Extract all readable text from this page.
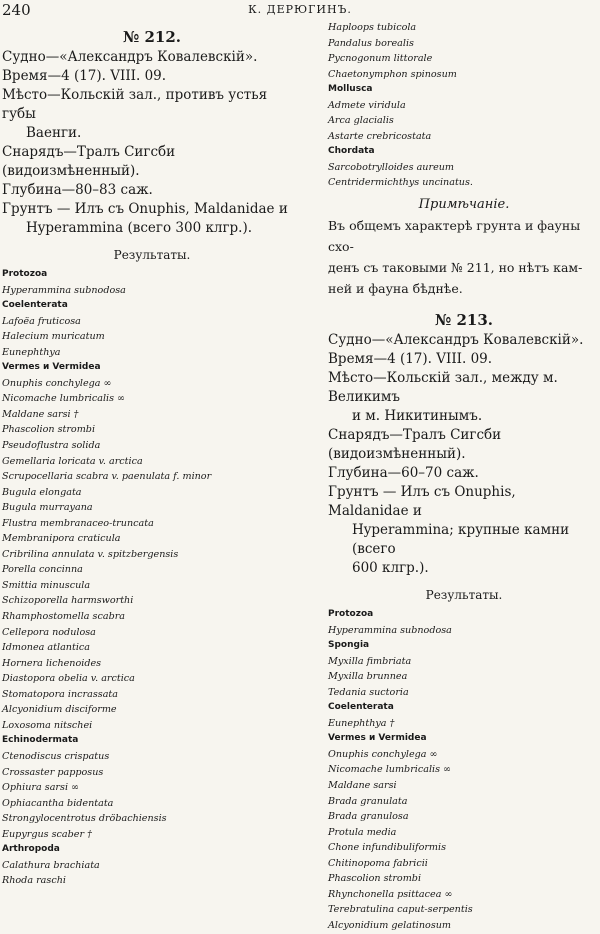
240	К. ДЕРЮГИНЪ.
№ 212.
Судно—«Александръ Ковалевскій».
Время—4 (17). VIII. 09.
Мѣсто—Кольскій зал., противъ устья губы
Ваенги.
Снарядъ—Тралъ Сигсби (видоизмѣненный).
Глубина—80–83 саж.
Грунтъ — Илъ съ Onuphis, Maldanidae и
Hyperammina (всего 300 клгр.).
Результаты.
Protozoa
Hyperammina subnodosa
Coelenterata
Lafoëa fruticosa
Halecium muricatum
Eunephthya
Vermes и Vermidea
Onuphis conchylega ∞
Nicomache lumbricalis ∞
Maldane sarsi †
Phascolion strombi
Pseudoflustra solida
Gemellaria loricata v. arctica
Scrupocellaria scabra v. paenulata f. minor
Bugula elongata
Bugula murrayana
Flustra membranaceo-truncata
Membranipora craticula
Cribrilina annulata v. spitzbergensis
Porella concinna
Smittia minuscula
Schizoporella harmsworthi
Rhamphostomella scabra
Cellepora nodulosa
Idmonea atlantica
Hornera lichenoides
Diastopora obelia v. arctica
Stomatopora incrassata
Alcyonidium disciforme
Loxosoma nitschei
Echinodermata
Ctenodiscus crispatus
Crossaster papposus
Ophiura sarsi ∞
Ophiacantha bidentata
Strongylocentrotus dröbachiensis
Eupyrgus scaber †
Arthropoda
Calathura brachiata
Rhoda raschi
Haploops tubicola
Pandalus borealis
Pycnogonum littorale
Chaetonymphon spinosum
Mollusca
Admete viridula
Arca glacialis
Astarte crebricostata
Chordata
Sarcobotrylloides aureum
Centridermichthys uncinatus.
Примѣчаніе.
Въ общемъ характерѣ грунта и фауны схо-
денъ съ таковыми № 211, но нѣтъ кам-
ней и фауна бѣднѣе.
№ 213.
Судно—«Александръ Ковалевскій».
Время—4 (17). VIII. 09.
Мѣсто—Кольскій зал., между м. Великимъ
и м. Никитинымъ.
Снарядъ—Тралъ Сигсби (видоизмѣненный).
Глубина—60–70 саж.
Грунтъ — Илъ съ Onuphis, Maldanidae и
Hyperammina; крупные камни (всего
600 клгр.).
Результаты.
Protozoa
Hyperammina subnodosa
Spongia
Myxilla fimbriata
Myxilla brunnea
Tedania suctoria
Coelenterata
Eunephthya †
Vermes и Vermidea
Onuphis conchylega ∞
Nicomache lumbricalis ∞
Maldane sarsi
Brada granulata
Brada granulosa
Protula media
Chone infundibuliformis
Chitinopoma fabricii
Phascolion strombi
Rhynchonella psittacea ∞
Terebratulina caput-serpentis
Alcyonidium gelatinosum
